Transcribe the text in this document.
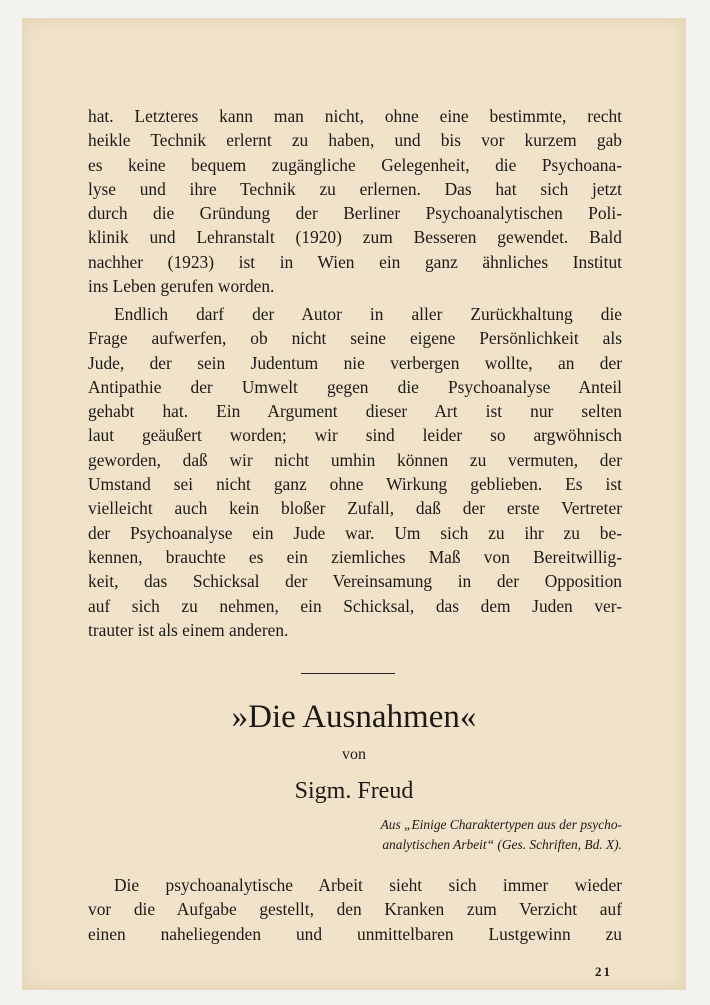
hat. Letzteres kann man nicht, ohne eine bestimmte, recht
heikle Technik erlernt zu haben, und bis vor kurzem gab
es keine bequem zugängliche Gelegenheit, die Psychoana-
lyse und ihre Technik zu erlernen. Das hat sich jetzt
durch die Gründung der Berliner Psychoanalytischen Poli-
klinik und Lehranstalt (1920) zum Besseren gewendet. Bald
nachher (1923) ist in Wien ein ganz ähnliches Institut
ins Leben gerufen worden.
Endlich darf der Autor in aller Zurückhaltung die
Frage aufwerfen, ob nicht seine eigene Persönlichkeit als
Jude, der sein Judentum nie verbergen wollte, an der
Antipathie der Umwelt gegen die Psychoanalyse Anteil
gehabt hat. Ein Argument dieser Art ist nur selten
laut geäußert worden; wir sind leider so argwöhnisch
geworden, daß wir nicht umhin können zu vermuten, der
Umstand sei nicht ganz ohne Wirkung geblieben. Es ist
vielleicht auch kein bloßer Zufall, daß der erste Vertreter
der Psychoanalyse ein Jude war. Um sich zu ihr zu be-
kennen, brauchte es ein ziemliches Maß von Bereitwillig-
keit, das Schicksal der Vereinsamung in der Opposition
auf sich zu nehmen, ein Schicksal, das dem Juden ver-
trauter ist als einem anderen.
»Die Ausnahmen«
von
Sigm. Freud
Aus „Einige Charaktertypen aus der psycho-
analytischen Arbeit“ (Ges. Schriften, Bd. X).
Die psychoanalytische Arbeit sieht sich immer wieder
vor die Aufgabe gestellt, den Kranken zum Verzicht auf
einen naheliegenden und unmittelbaren Lustgewinn zu
21
